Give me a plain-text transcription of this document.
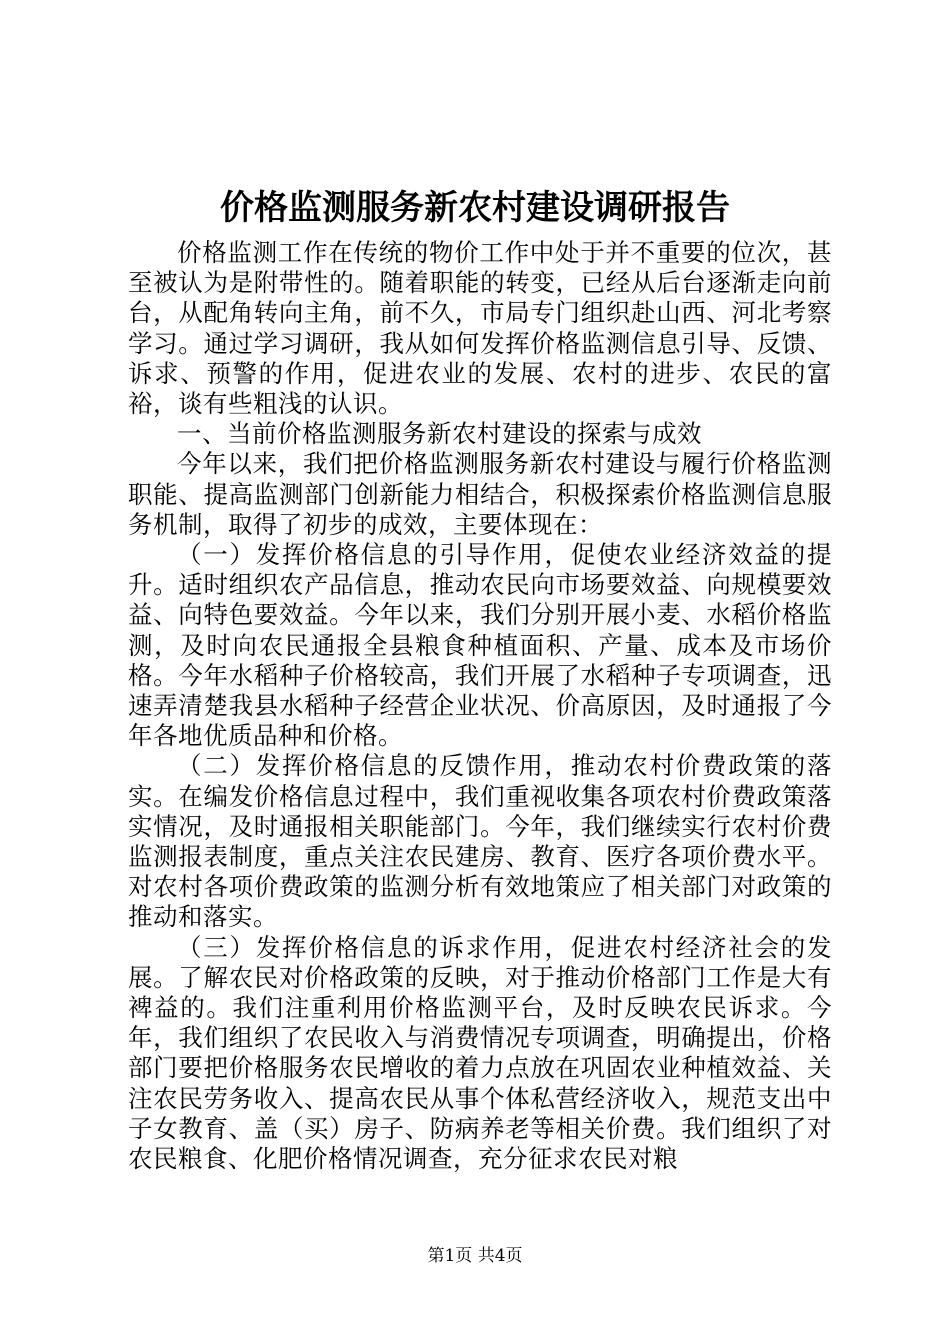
价格监测服务新农村建设调研报告

价格监测工作在传统的物价工作中处于并不重要的位次，甚至被认为是附带性的。随着职能的转变，已经从后台逐渐走向前台，从配角转向主角，前不久，市局专门组织赴山西、河北考察学习。通过学习调研，我从如何发挥价格监测信息引导、反馈、诉求、预警的作用，促进农业的发展、农村的进步、农民的富裕，谈有些粗浅的认识。

一、当前价格监测服务新农村建设的探索与成效

今年以来，我们把价格监测服务新农村建设与履行价格监测职能、提高监测部门创新能力相结合，积极探索价格监测信息服务机制，取得了初步的成效，主要体现在：

（一）发挥价格信息的引导作用，促使农业经济效益的提升。适时组织农产品信息，推动农民向市场要效益、向规模要效益、向特色要效益。今年以来，我们分别开展小麦、水稻价格监测，及时向农民通报全县粮食种植面积、产量、成本及市场价格。今年水稻种子价格较高，我们开展了水稻种子专项调查，迅速弄清楚我县水稻种子经营企业状况、价高原因，及时通报了今年各地优质品种和价格。

（二）发挥价格信息的反馈作用，推动农村价费政策的落实。在编发价格信息过程中，我们重视收集各项农村价费政策落实情况，及时通报相关职能部门。今年，我们继续实行农村价费监测报表制度，重点关注农民建房、教育、医疗各项价费水平。对农村各项价费政策的监测分析有效地策应了相关部门对政策的推动和落实。

（三）发挥价格信息的诉求作用，促进农村经济社会的发展。了解农民对价格政策的反映，对于推动价格部门工作是大有裨益的。我们注重利用价格监测平台，及时反映农民诉求。今年，我们组织了农民收入与消费情况专项调查，明确提出，价格部门要把价格服务农民增收的着力点放在巩固农业种植效益、关注农民劳务收入、提高农民从事个体私营经济收入，规范支出中子女教育、盖（买）房子、防病养老等相关价费。我们组织了对农民粮食、化肥价格情况调查，充分征求农民对粮

第1页 共4页
